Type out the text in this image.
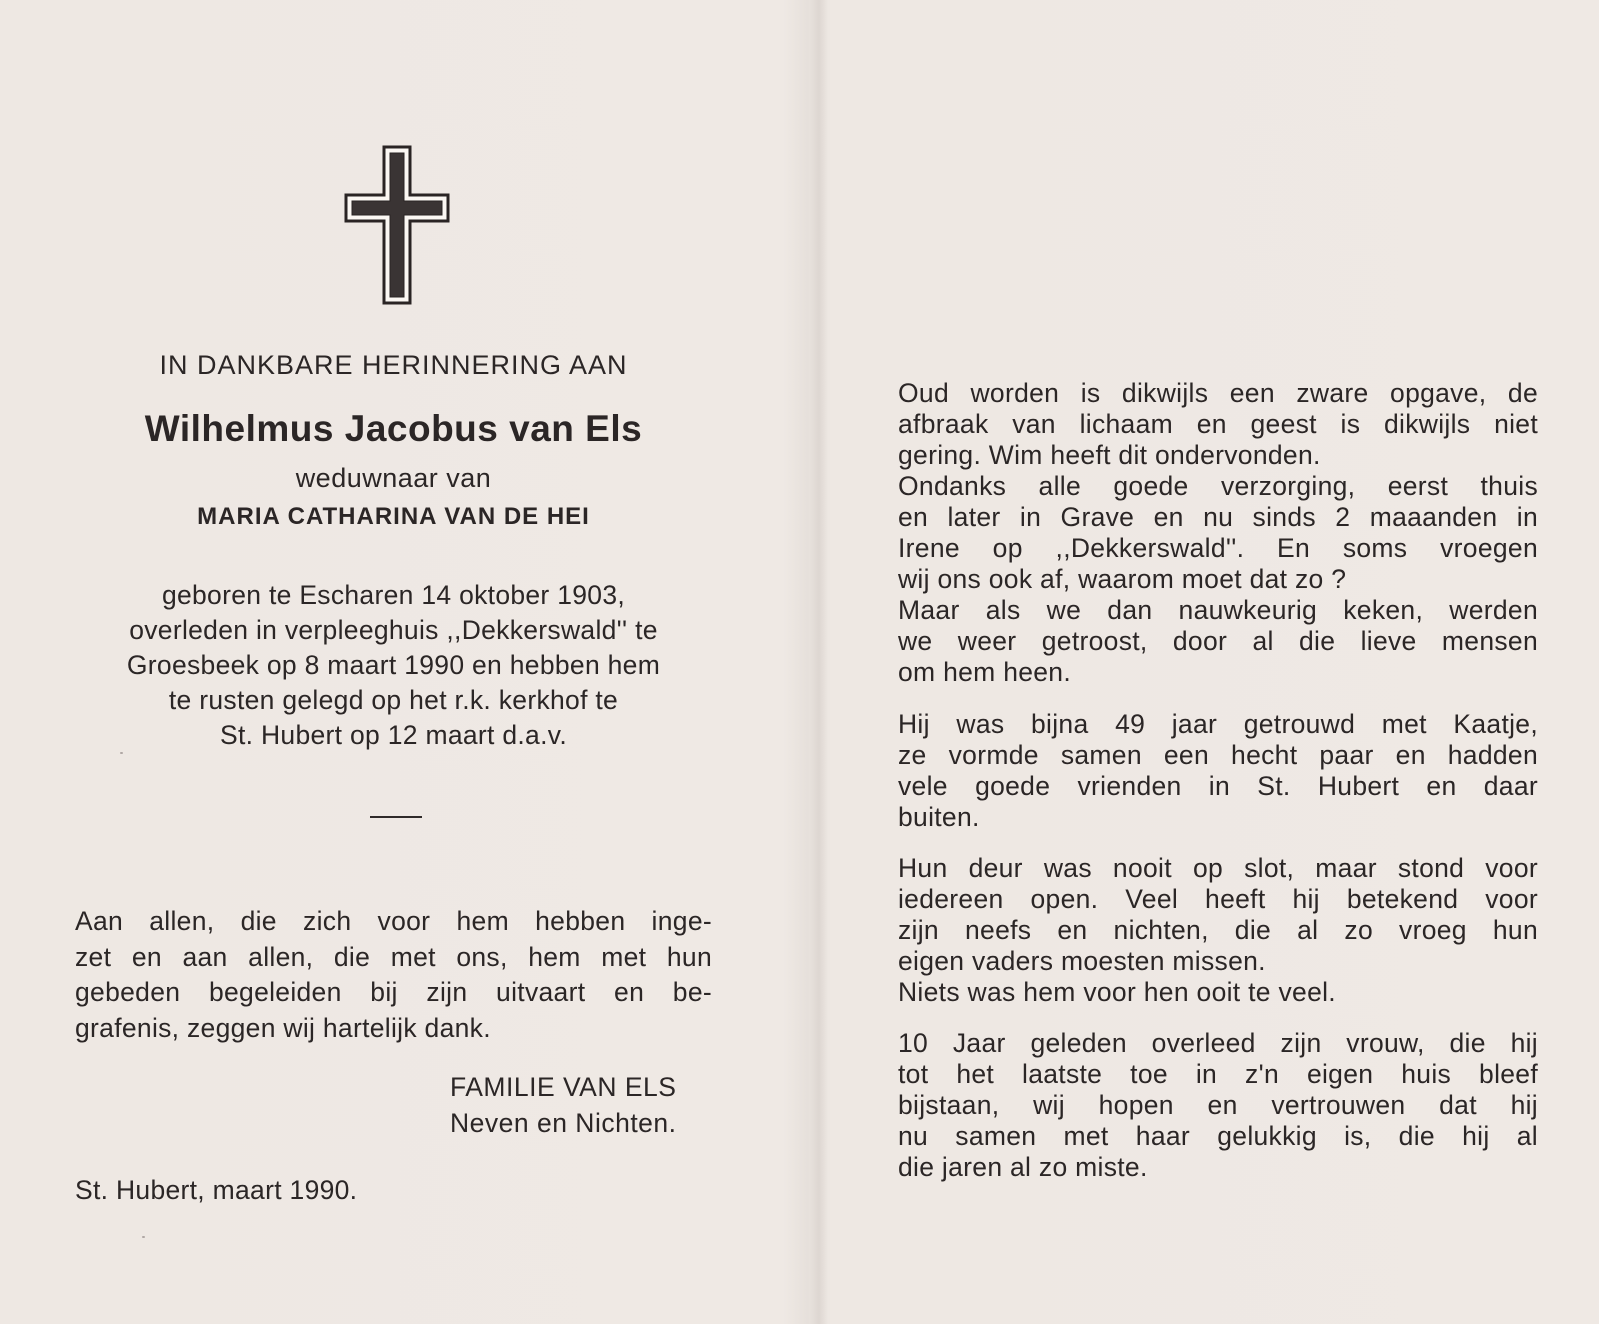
IN DANKBARE HERINNERING AAN
Wilhelmus Jacobus van Els
weduwnaar van
MARIA CATHARINA VAN DE HEI
geboren te Escharen 14 oktober 1903,
overleden in verpleeghuis ,,Dekkerswald'' te
Groesbeek op 8 maart 1990 en hebben hem
te rusten gelegd op het r.k. kerkhof te
St. Hubert op 12 maart d.a.v.
Aan allen, die zich voor hem hebben inge-
zet en aan allen, die met ons, hem met hun
gebeden begeleiden bij zijn uitvaart en be-
grafenis, zeggen wij hartelijk dank.
FAMILIE VAN ELS
Neven en Nichten.
St. Hubert, maart 1990.
Oud worden is dikwijls een zware opgave, de
afbraak van lichaam en geest is dikwijls niet
gering. Wim heeft dit ondervonden.
Ondanks alle goede verzorging, eerst thuis
en later in Grave en nu sinds 2 maaanden in
Irene op ,,Dekkerswald''. En soms vroegen
wij ons ook af, waarom moet dat zo ?
Maar als we dan nauwkeurig keken, werden
we weer getroost, door al die lieve mensen
om hem heen.
Hij was bijna 49 jaar getrouwd met Kaatje,
ze vormde samen een hecht paar en hadden
vele goede vrienden in St. Hubert en daar
buiten.
Hun deur was nooit op slot, maar stond voor
iedereen open. Veel heeft hij betekend voor
zijn neefs en nichten, die al zo vroeg hun
eigen vaders moesten missen.
Niets was hem voor hen ooit te veel.
10 Jaar geleden overleed zijn vrouw, die hij
tot het laatste toe in z'n eigen huis bleef
bijstaan, wij hopen en vertrouwen dat hij
nu samen met haar gelukkig is, die hij al
die jaren al zo miste.
